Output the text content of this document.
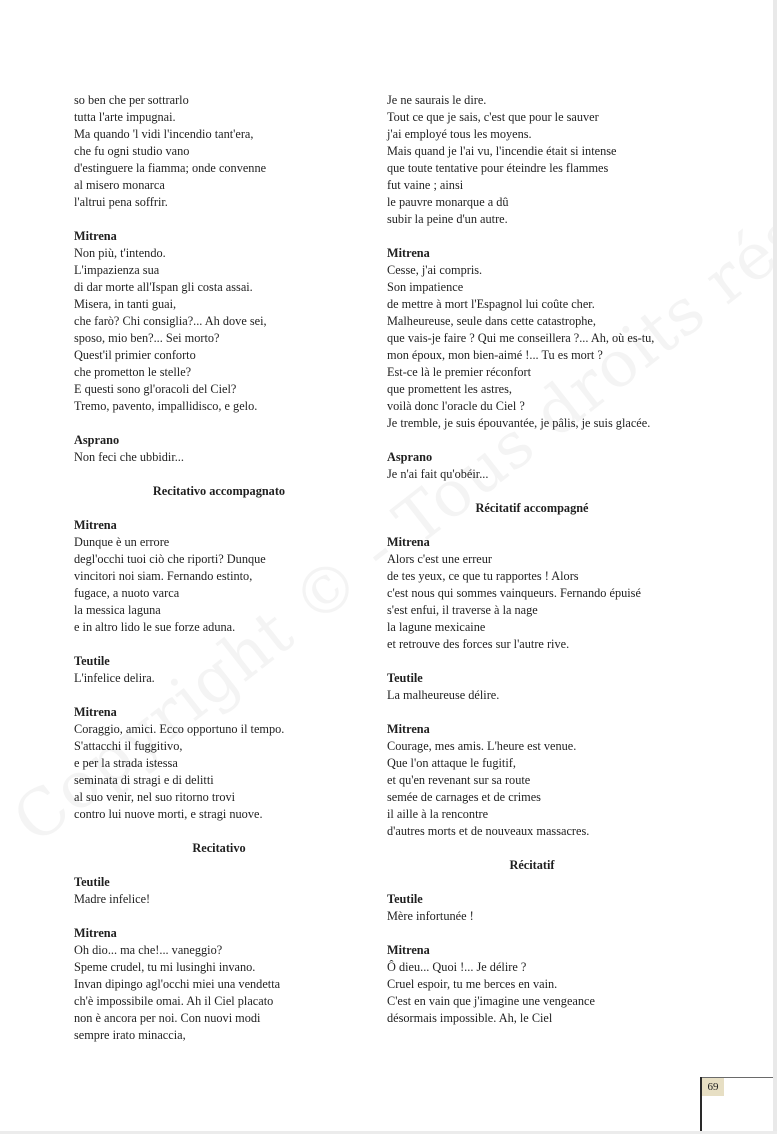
so ben che per sottrarlo
tutta l'arte impugnai.
Ma quando 'l vidi l'incendio tant'era,
che fu ogni studio vano
d'estinguere la fiamma; onde convenne
al misero monarca
l'altrui pena soffrir.
Mitrena
Non più, t'intendo.
L'impazienza sua
di dar morte all'Ispan gli costa assai.
Misera, in tanti guai,
che farò? Chi consiglia?... Ah dove sei,
sposo, mio ben?... Sei morto?
Quest'il primier conforto
che prometton le stelle?
E questi sono gl'oracoli del Ciel?
Tremo, pavento, impallidisco, e gelo.
Asprano
Non feci che ubbidir...
Recitativo accompagnato
Mitrena
Dunque è un errore
degl'occhi tuoi ciò che riporti? Dunque
vincitori noi siam. Fernando estinto,
fugace, a nuoto varca
la messica laguna
e in altro lido le sue forze aduna.
Teutile
L'infelice delira.
Mitrena
Coraggio, amici. Ecco opportuno il tempo.
S'attacchi il fuggitivo,
e per la strada istessa
seminata di stragi e di delitti
al suo venir, nel suo ritorno trovi
contro lui nuove morti, e stragi nuove.
Recitativo
Teutile
Madre infelice!
Mitrena
Oh dio... ma che!... vaneggio?
Speme crudel, tu mi lusinghi invano.
Invan dipingo agl'occhi miei una vendetta
ch'è impossibile omai. Ah il Ciel placato
non è ancora per noi. Con nuovi modi
sempre irato minaccia,
Je ne saurais le dire.
Tout ce que je sais, c'est que pour le sauver
j'ai employé tous les moyens.
Mais quand je l'ai vu, l'incendie était si intense
que toute tentative pour éteindre les flammes
fut vaine ; ainsi
le pauvre monarque a dû
subir la peine d'un autre.
Mitrena
Cesse, j'ai compris.
Son impatience
de mettre à mort l'Espagnol lui coûte cher.
Malheureuse, seule dans cette catastrophe,
que vais-je faire ? Qui me conseillera ?... Ah, où es-tu,
mon époux, mon bien-aimé !... Tu es mort ?
Est-ce là le premier réconfort
que promettent les astres,
voilà donc l'oracle du Ciel ?
Je tremble, je suis épouvantée, je pâlis, je suis glacée.
Asprano
Je n'ai fait qu'obéir...
Récitatif accompagné
Mitrena
Alors c'est une erreur
de tes yeux, ce que tu rapportes ! Alors
c'est nous qui sommes vainqueurs. Fernando épuisé
s'est enfui, il traverse à la nage
la lagune mexicaine
et retrouve des forces sur l'autre rive.
Teutile
La malheureuse délire.
Mitrena
Courage, mes amis. L'heure est venue.
Que l'on attaque le fugitif,
et qu'en revenant sur sa route
semée de carnages et de crimes
il aille à la rencontre
d'autres morts et de nouveaux massacres.
Récitatif
Teutile
Mère infortunée !
Mitrena
Ô dieu... Quoi !... Je délire ?
Cruel espoir, tu me berces en vain.
C'est en vain que j'imagine une vengeance
désormais impossible. Ah, le Ciel
69
